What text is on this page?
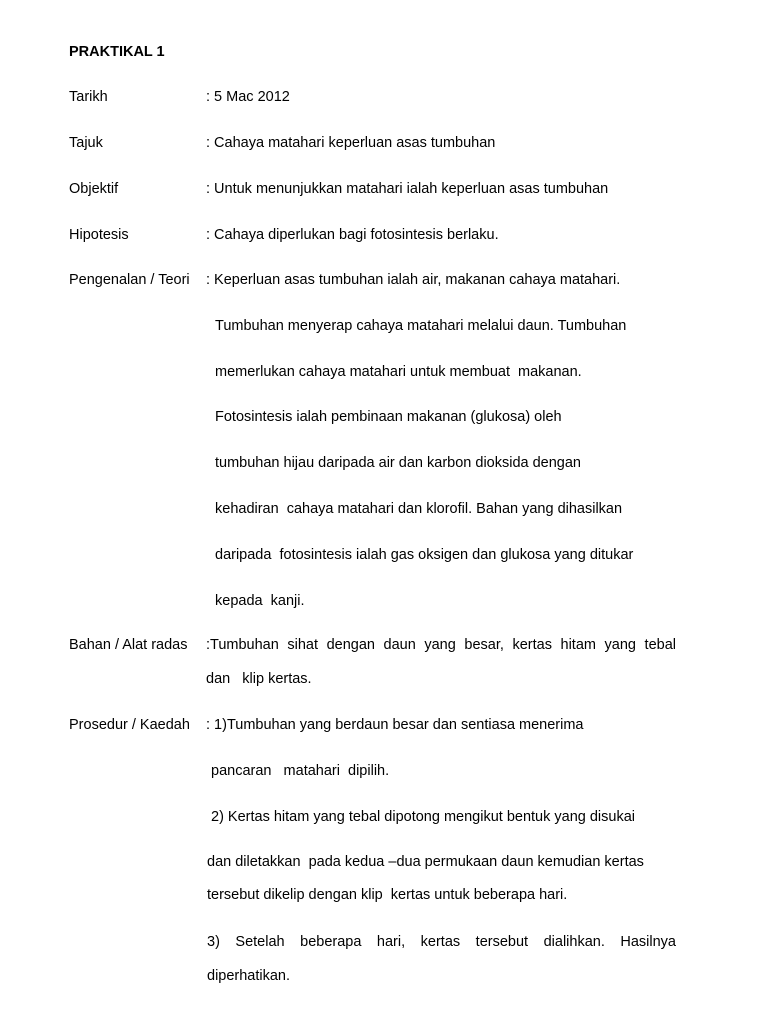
PRAKTIKAL 1
Tarikh	: 5 Mac 2012
Tajuk	: Cahaya matahari keperluan asas tumbuhan
Objektif	: Untuk menunjukkan matahari ialah keperluan asas tumbuhan
Hipotesis	: Cahaya diperlukan bagi fotosintesis berlaku.
Pengenalan / Teori : Keperluan asas tumbuhan ialah air, makanan cahaya matahari.
Tumbuhan menyerap cahaya matahari melalui daun. Tumbuhan
memerlukan cahaya matahari untuk membuat  makanan.
Fotosintesis ialah pembinaan makanan (glukosa) oleh
tumbuhan hijau daripada air dan karbon dioksida dengan
kehadiran  cahaya matahari dan klorofil. Bahan yang dihasilkan
daripada  fotosintesis ialah gas oksigen dan glukosa yang ditukar
kepada  kanji.
Bahan / Alat radas :Tumbuhan sihat dengan daun yang besar, kertas hitam yang tebal
dan   klip kertas.
Prosedur / Kaedah : 1)Tumbuhan yang berdaun besar dan sentiasa menerima
pancaran   matahari  dipilih.
2) Kertas hitam yang tebal dipotong mengikut bentuk yang disukai
dan diletakkan  pada kedua –dua permukaan daun kemudian kertas
tersebut dikelip dengan klip  kertas untuk beberapa hari.
3) Setelah beberapa hari, kertas tersebut dialihkan. Hasilnya
diperhatikan.
